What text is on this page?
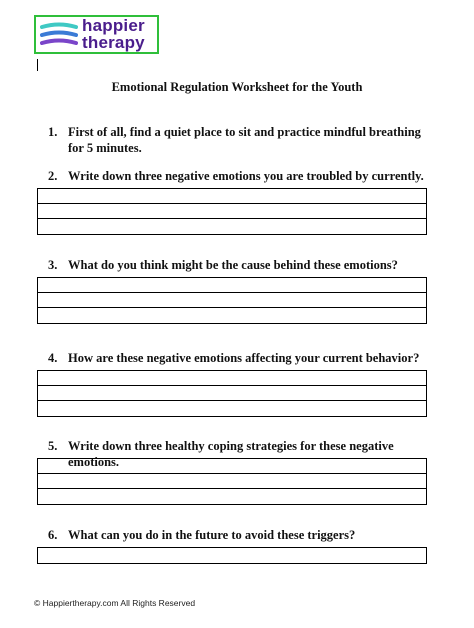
happier
therapy
Emotional Regulation Worksheet for the Youth
1. First of all, find a quiet place to sit and practice mindful breathing for 5 minutes.
2. Write down three negative emotions you are troubled by currently.
3. What do you think might be the cause behind these emotions?
4. How are these negative emotions affecting your current behavior?
5. Write down three healthy coping strategies for these negative emotions.
6. What can you do in the future to avoid these triggers?
© Happiertherapy.com All Rights Reserved
